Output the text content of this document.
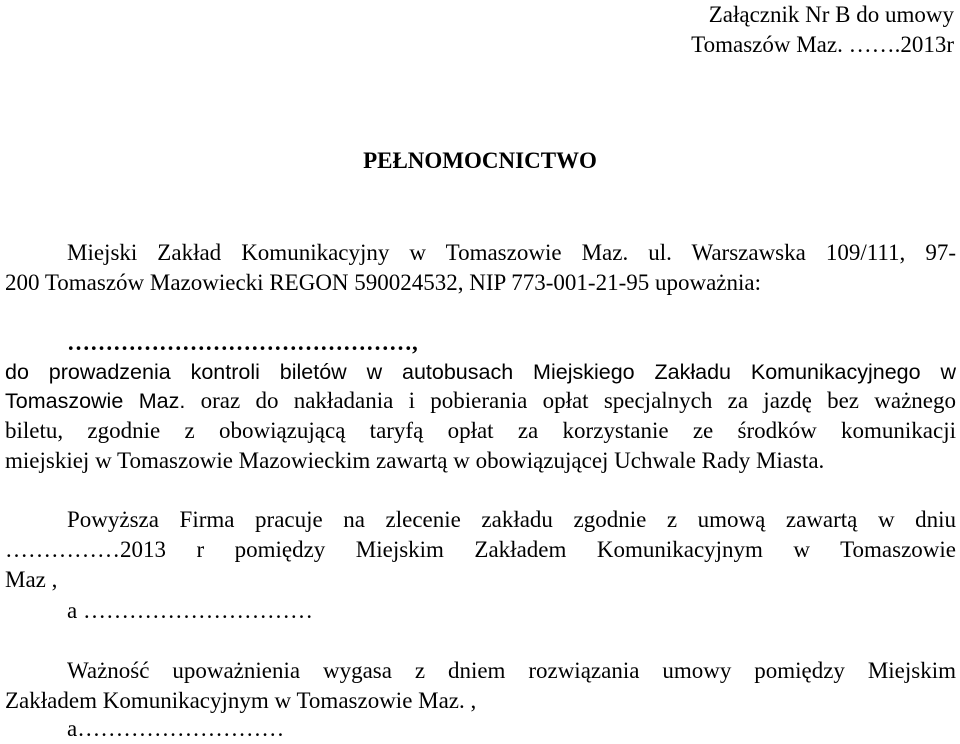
Załącznik Nr B do umowy
Tomaszów Maz. …….2013r
PEŁNOMOCNICTWO
Miejski Zakład Komunikacyjny w Tomaszowie Maz. ul. Warszawska 109/111, 97-
200 Tomaszów Mazowiecki REGON 590024532, NIP 773-001-21-95 upoważnia:
………………………………………,
do prowadzenia kontroli biletów w autobusach Miejskiego Zakładu Komunikacyjnego w
Tomaszowie Maz. oraz do nakładania i pobierania opłat specjalnych za jazdę bez ważnego
biletu, zgodnie z obowiązującą taryfą opłat za korzystanie ze środków komunikacji
miejskiej w Tomaszowie Mazowieckim zawartą w obowiązującej Uchwale Rady Miasta.
Powyższa Firma pracuje na zlecenie zakładu zgodnie z umową zawartą w dniu
……………2013 r pomiędzy Miejskim Zakładem Komunikacyjnym w Tomaszowie
Maz ,
a …………………………
Ważność upoważnienia wygasa z dniem rozwiązania umowy pomiędzy Miejskim
Zakładem Komunikacyjnym w Tomaszowie Maz. ,
a………………………
